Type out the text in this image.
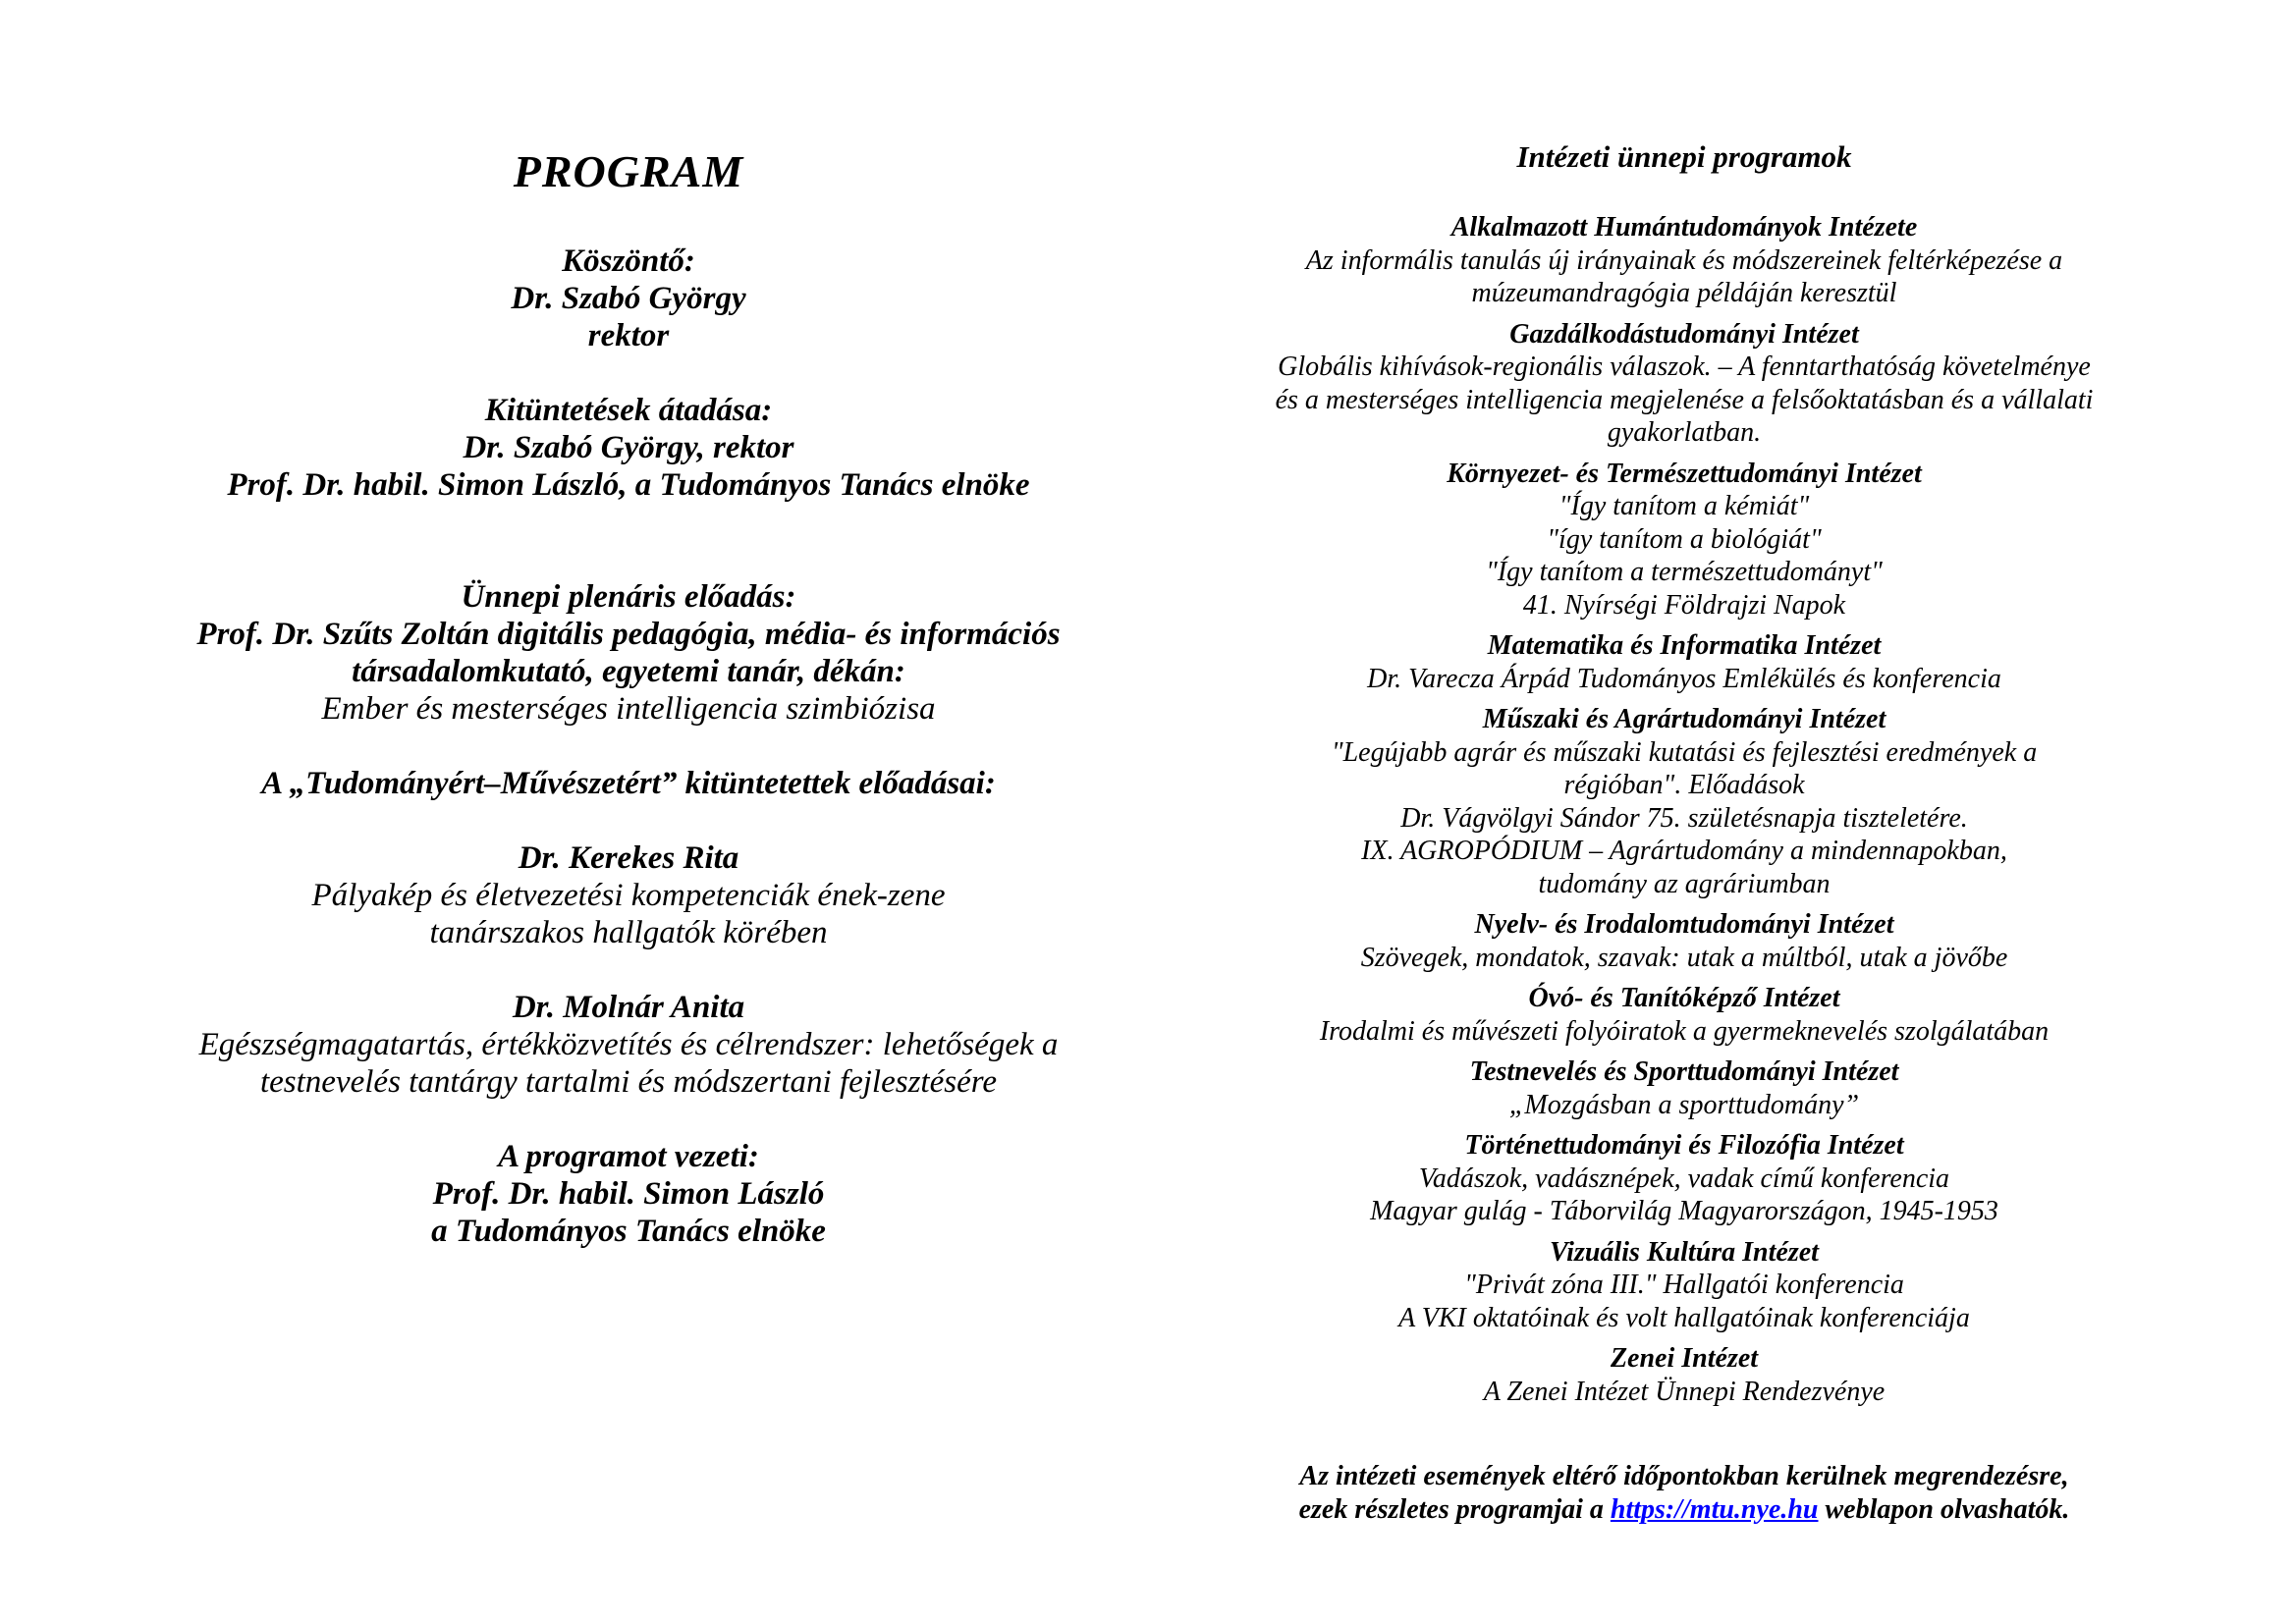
PROGRAM
Köszöntő:
Dr. Szabó György
rektor
Kitüntetések átadása:
Dr. Szabó György, rektor
Prof. Dr. habil. Simon László, a Tudományos Tanács elnöke
Ünnepi plenáris előadás:
Prof. Dr. Szűts Zoltán digitális pedagógia, média- és információs
társadalomkutató, egyetemi tanár, dékán:
Ember és mesterséges intelligencia szimbiózisa
A „Tudományért–Művészetért” kitüntetettek előadásai:
Dr. Kerekes Rita
Pályakép és életvezetési kompetenciák ének-zene
tanárszakos hallgatók körében
Dr. Molnár Anita
Egészségmagatartás, értékközvetítés és célrendszer: lehetőségek a
testnevelés tantárgy tartalmi és módszertani fejlesztésére
A programot vezeti:
Prof. Dr. habil. Simon László
a Tudományos Tanács elnöke
Intézeti ünnepi programok
Alkalmazott Humántudományok Intézete
Az informális tanulás új irányainak és módszereinek feltérképezése a
múzeumandragógia példáján keresztül
Gazdálkodástudományi Intézet
Globális kihívások-regionális válaszok. – A fenntarthatóság követelménye
és a mesterséges intelligencia megjelenése a felsőoktatásban és a vállalati
gyakorlatban.
Környezet- és Természettudományi Intézet
"Így tanítom a kémiát"
"így tanítom a biológiát"
"Így tanítom a természettudományt"
41. Nyírségi Földrajzi Napok
Matematika és Informatika Intézet
Dr. Varecza Árpád Tudományos Emlékülés és konferencia
Műszaki és Agrártudományi Intézet
"Legújabb agrár és műszaki kutatási és fejlesztési eredmények a
régióban". Előadások
Dr. Vágvölgyi Sándor 75. születésnapja tiszteletére.
IX. AGROPÓDIUM – Agrártudomány a mindennapokban,
tudomány az agráriumban
Nyelv- és Irodalomtudományi Intézet
Szövegek, mondatok, szavak: utak a múltból, utak a jövőbe
Óvó- és Tanítóképző Intézet
Irodalmi és művészeti folyóiratok a gyermeknevelés szolgálatában
Testnevelés és Sporttudományi Intézet
„Mozgásban a sporttudomány”
Történettudományi és Filozófia Intézet
Vadászok, vadásznépek, vadak című konferencia
Magyar gulág - Táborvilág Magyarországon, 1945-1953
Vizuális Kultúra Intézet
"Privát zóna III." Hallgatói konferencia
A VKI oktatóinak és volt hallgatóinak konferenciája
Zenei Intézet
A Zenei Intézet Ünnepi Rendezvénye
Az intézeti események eltérő időpontokban kerülnek megrendezésre,
ezek részletes programjai a https://mtu.nye.hu weblapon olvashatók.
